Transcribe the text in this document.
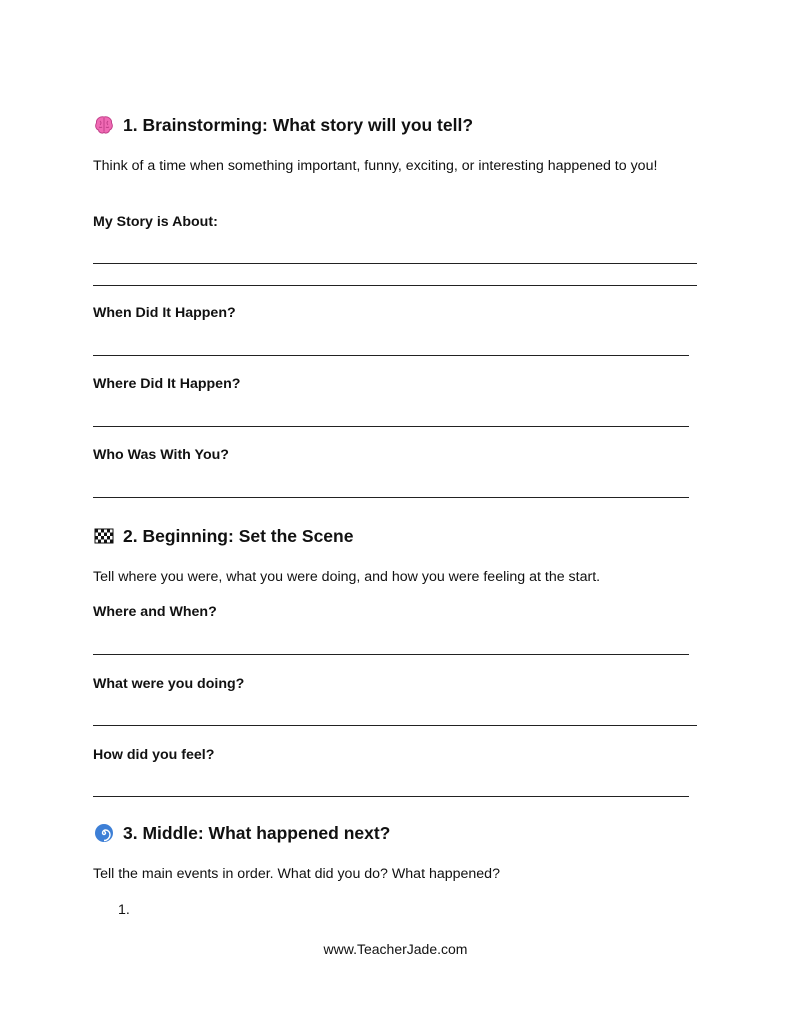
1. Brainstorming: What story will you tell?
Think of a time when something important, funny, exciting, or interesting happened to you!
My Story is About:
When Did It Happen?
Where Did It Happen?
Who Was With You?
2. Beginning: Set the Scene
Tell where you were, what you were doing, and how you were feeling at the start.
Where and When?
What were you doing?
How did you feel?
3. Middle: What happened next?
Tell the main events in order. What did you do? What happened?
1.
www.TeacherJade.com
